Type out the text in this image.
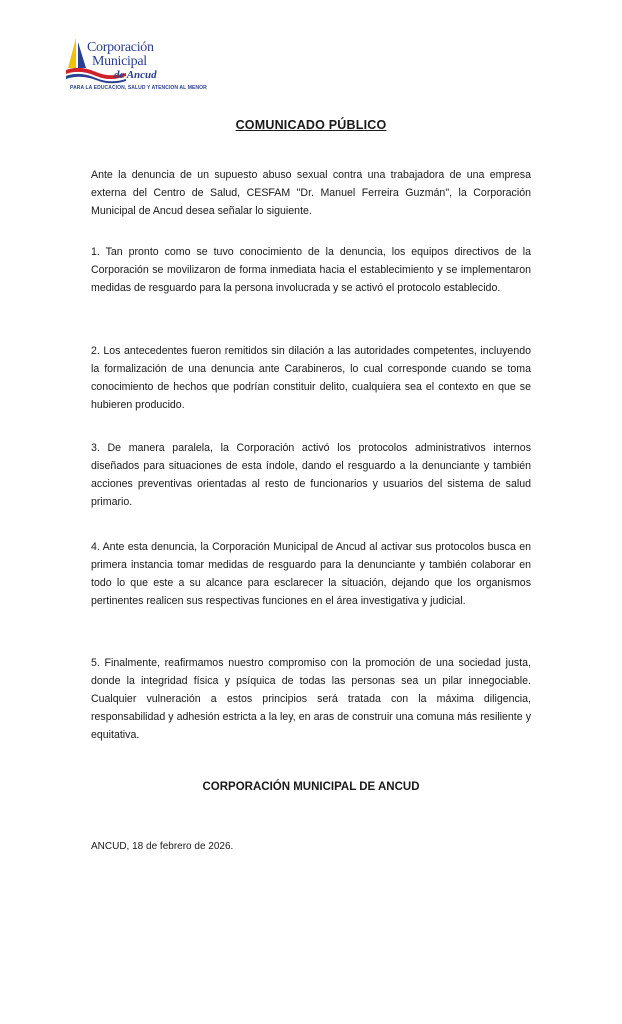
Corporación
Municipal
de Ancud
PARA LA EDUCACION, SALUD Y ATENCION AL MENOR
COMUNICADO PÚBLICO

Ante la denuncia de un supuesto abuso sexual contra una trabajadora de una empresa externa del Centro de Salud, CESFAM "Dr. Manuel Ferreira Guzmán", la Corporación Municipal de Ancud desea señalar lo siguiente.

1. Tan pronto como se tuvo conocimiento de la denuncia, los equipos directivos de la Corporación se movilizaron de forma inmediata hacia el establecimiento y se implementaron medidas de resguardo para la persona involucrada y se activó el protocolo establecido.

2. Los antecedentes fueron remitidos sin dilación a las autoridades competentes, incluyendo la formalización de una denuncia ante Carabineros, lo cual corresponde cuando se toma conocimiento de hechos que podrían constituir delito, cualquiera sea el contexto en que se hubieren producido.

3. De manera paralela, la Corporación activó los protocolos administrativos internos diseñados para situaciones de esta índole, dando el resguardo a la denunciante y también acciones preventivas orientadas al resto de funcionarios y usuarios del sistema de salud primario.

4. Ante esta denuncia, la Corporación Municipal de Ancud al activar sus protocolos busca en primera instancia tomar medidas de resguardo para la denunciante y también colaborar en todo lo que este a su alcance para esclarecer la situación, dejando que los organismos pertinentes realicen sus respectivas funciones en el área investigativa y judicial.

5. Finalmente, reafirmamos nuestro compromiso con la promoción de una sociedad justa, donde la integridad física y psíquica de todas las personas sea un pilar innegociable. Cualquier vulneración a estos principios será tratada con la máxima diligencia, responsabilidad y adhesión estricta a la ley, en aras de construir una comuna más resiliente y equitativa.

CORPORACIÓN MUNICIPAL DE ANCUD
ANCUD, 18 de febrero de 2026.
